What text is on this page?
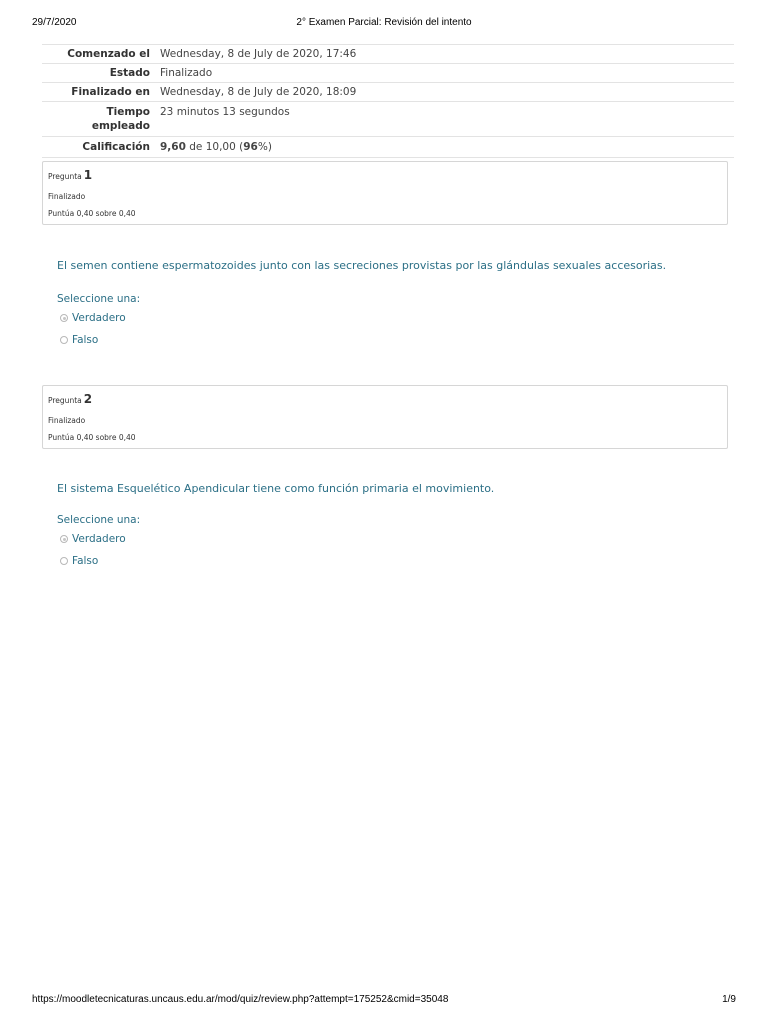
29/7/2020	2° Examen Parcial: Revisión del intento
Comenzado el	Wednesday, 8 de July de 2020, 17:46
Estado	Finalizado
Finalizado en	Wednesday, 8 de July de 2020, 18:09
Tiempo
empleado	23 minutos 13 segundos
Calificación	9,60 de 10,00 (96%)
Pregunta 1
Finalizado
Puntúa 0,40 sobre 0,40
El semen contiene espermatozoides junto con las secreciones provistas por las glándulas sexuales accesorias.
Seleccione una:
Verdadero
Falso
Pregunta 2
Finalizado
Puntúa 0,40 sobre 0,40
El sistema Esquelético Apendicular tiene como función primaria el movimiento.
Seleccione una:
Verdadero
Falso
https://moodletecnicaturas.uncaus.edu.ar/mod/quiz/review.php?attempt=175252&cmid=35048	1/9
